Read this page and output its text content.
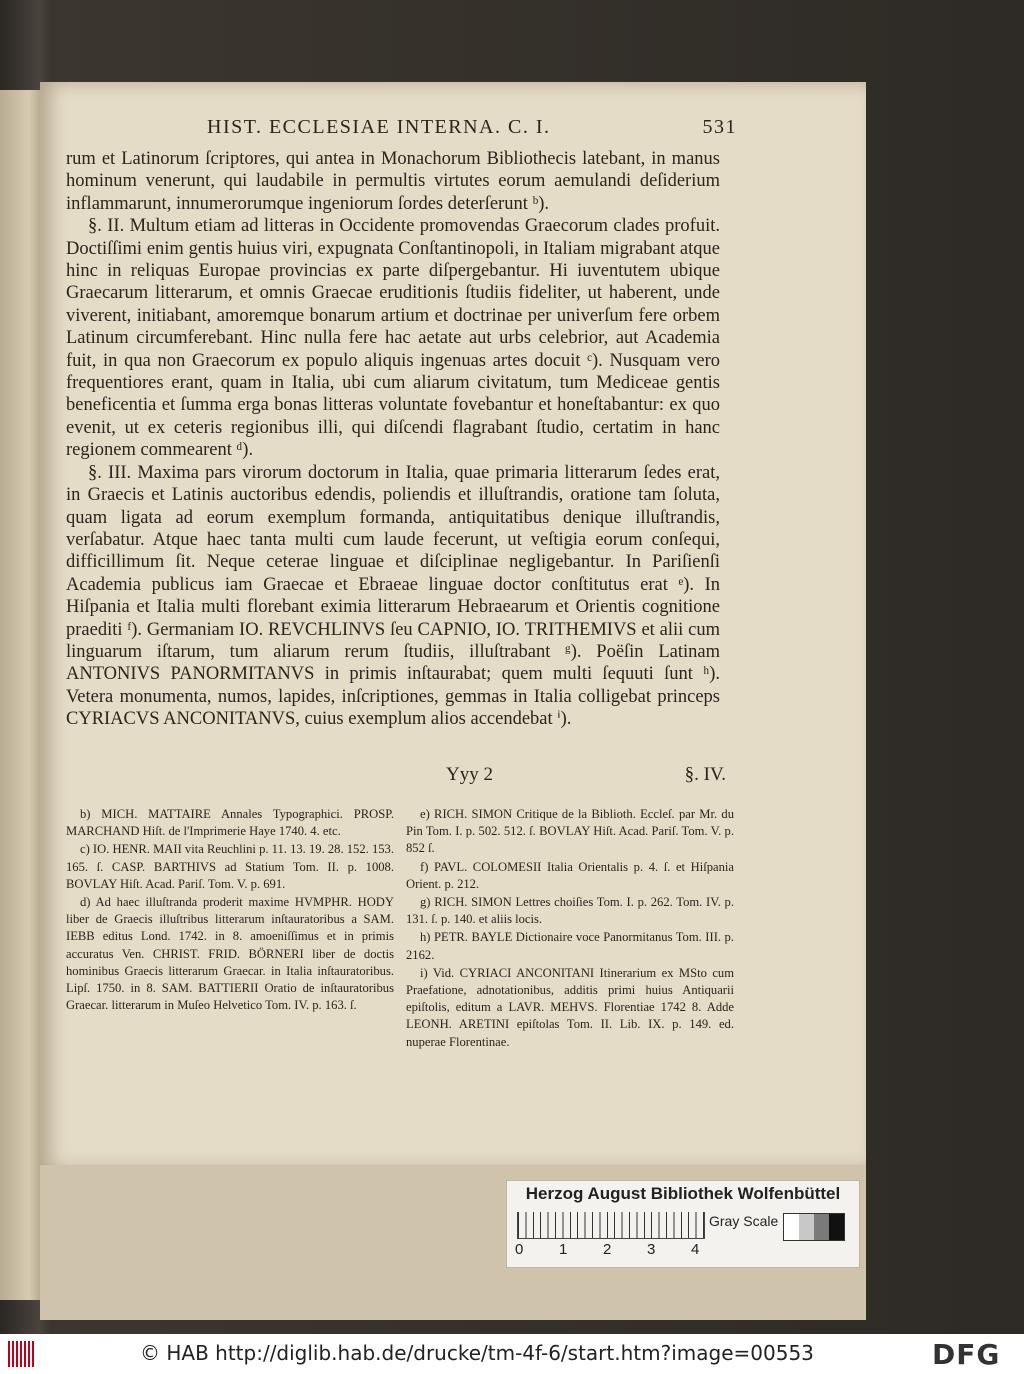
HIST. ECCLESIAE INTERNA. C. I.	531

rum et Latinorum ſcriptores, qui antea in Monachorum Bibliothecis latebant, in manus hominum venerunt, qui laudabile in permultis virtutes eorum aemulandi deſiderium inflammarunt, innumerorumque ingeniorum ſordes deterſerunt ᵇ).

§. II. Multum etiam ad litteras in Occidente promovendas Graecorum clades profuit. Doctiſſimi enim gentis huius viri, expugnata Conſtantinopoli, in Italiam migrabant atque hinc in reliquas Europae provincias ex parte diſpergebantur. Hi iuventutem ubique Graecarum litterarum, et omnis Graecae eruditionis ſtudiis fideliter, ut haberent, unde viverent, initiabant, amoremque bonarum artium et doctrinae per univerſum fere orbem Latinum circumferebant. Hinc nulla fere hac aetate aut urbs celebrior, aut Academia fuit, in qua non Graecorum ex populo aliquis ingenuas artes docuit ᶜ). Nusquam vero frequentiores erant, quam in Italia, ubi cum aliarum civitatum, tum Mediceae gentis beneficentia et ſumma erga bonas litteras voluntate fovebantur et honeſtabantur: ex quo evenit, ut ex ceteris regionibus illi, qui diſcendi flagrabant ſtudio, certatim in hanc regionem commearent ᵈ).

§. III. Maxima pars virorum doctorum in Italia, quae primaria litterarum ſedes erat, in Graecis et Latinis auctoribus edendis, poliendis et illuſtrandis, oratione tam ſoluta, quam ligata ad eorum exemplum formanda, antiquitatibus denique illuſtrandis, verſabatur. Atque haec tanta multi cum laude fecerunt, ut veſtigia eorum conſequi, difficillimum ſit. Neque ceterae linguae et diſciplinae negligebantur. In Pariſienſi Academia publicus iam Graecae et Ebraeae linguae doctor conſtitutus erat ᵉ). In Hiſpania et Italia multi florebant eximia litterarum Hebraearum et Orientis cognitione praediti ᶠ). Germaniam IO. REVCHLINVS ſeu CAPNIO, IO. TRITHEMIVS et alii cum linguarum iſtarum, tum aliarum rerum ſtudiis, illuſtrabant ᵍ). Poëſin Latinam ANTONIVS PANORMITANVS in primis inſtaurabat; quem multi ſequuti ſunt ʰ). Vetera monumenta, numos, lapides, inſcriptiones, gemmas in Italia colligebat princeps CYRIACVS ANCONITANVS, cuius exemplum alios accendebat ⁱ).

Yyy 2	§. IV.

b) MICH. MATTAIRE Annales Typographici. PROSP. MARCHAND Hiſt. de l'Imprimerie Haye 1740. 4. etc.

c) IO. HENR. MAII vita Reuchlini p. 11. 13. 19. 28. 152. 153. 165. ſ. CASP. BARTHIVS ad Statium Tom. II. p. 1008. BOVLAY Hiſt. Acad. Pariſ. Tom. V. p. 691.

d) Ad haec illuſtranda proderit maxime HVMPHR. HODY liber de Graecis illuſtribus litterarum inſtauratoribus a SAM. IEBB editus Lond. 1742. in 8. amoeniſſimus et in primis accuratus Ven. CHRIST. FRID. BÖRNERI liber de doctis hominibus Graecis litterarum Graecar. in Italia inſtauratoribus. Lipſ. 1750. in 8. SAM. BATTIERII Oratio de inſtauratoribus Graecar. litterarum in Muſeo Helvetico Tom. IV. p. 163. ſ.

e) RICH. SIMON Critique de la Biblioth. Eccleſ. par Mr. du Pin Tom. I. p. 502. 512. ſ. BOVLAY Hiſt. Acad. Pariſ. Tom. V. p. 852 ſ.

f) PAVL. COLOMESII Italia Orientalis p. 4. ſ. et Hiſpania Orient. p. 212.

g) RICH. SIMON Lettres choiſies Tom. I. p. 262. Tom. IV. p. 131. ſ. p. 140. et aliis locis.

h) PETR. BAYLE Dictionaire voce Panormitanus Tom. III. p. 2162.

i) Vid. CYRIACI ANCONITANI Itinerarium ex MSto cum Praefatione, adnotationibus, additis primi huius Antiquarii epiſtolis, editum a LAVR. MEHVS. Florentiae 1742 8. Adde LEONH. ARETINI epiſtolas Tom. II. Lib. IX. p. 149. ed. nuperae Florentinae.

Herzog August Bibliothek Wolfenbüttel
Gray Scale
0 1 2 3 4
© HAB http://diglib.hab.de/drucke/tm-4f-6/start.htm?image=00553	DFG
